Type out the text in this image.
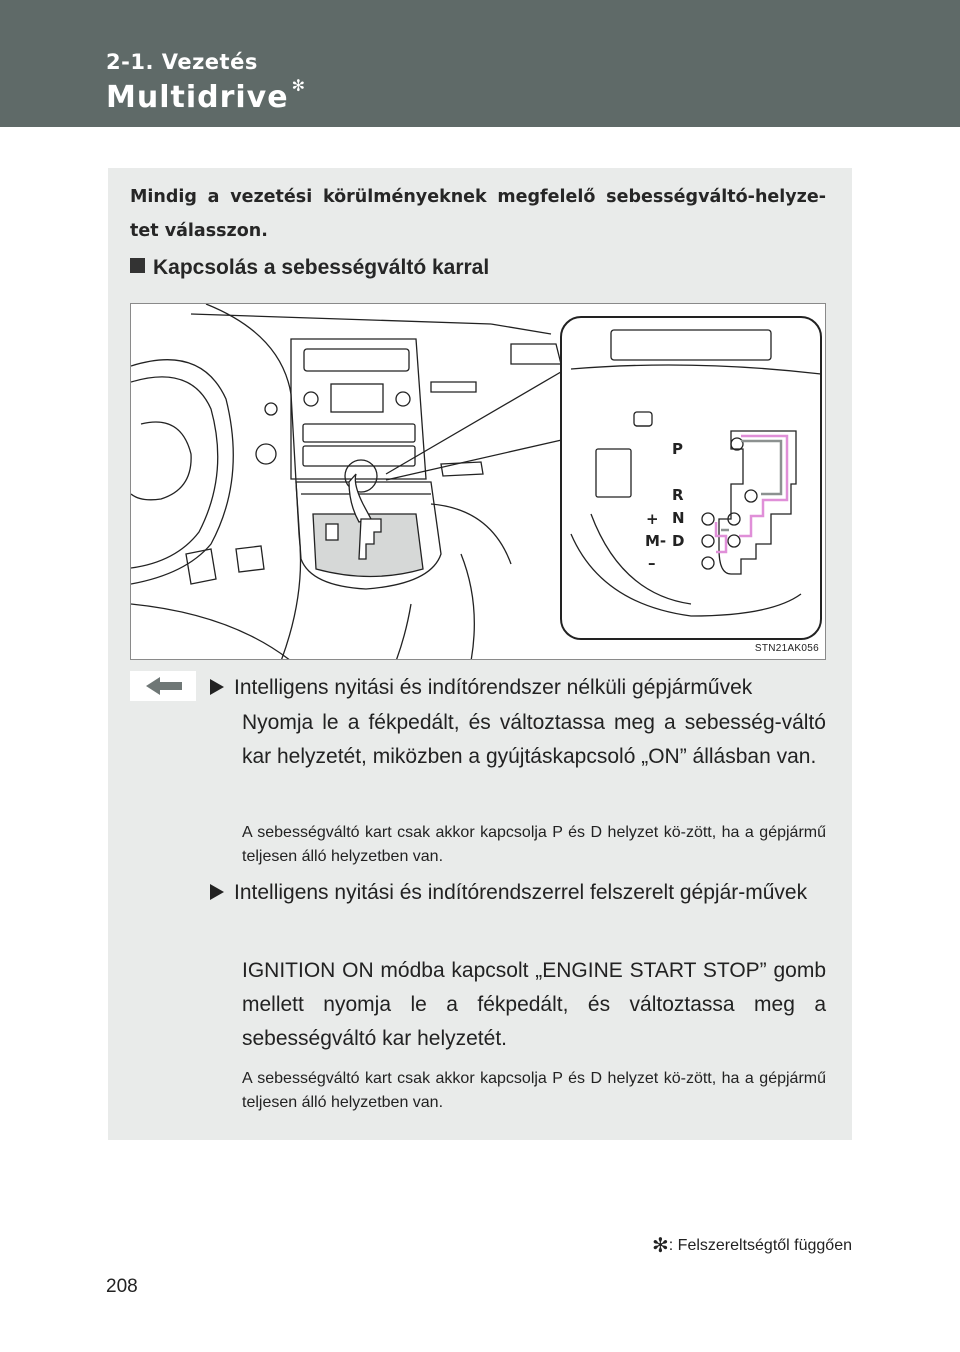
2-1. Vezetés
Multidrive ✻
Mindig a vezetési körülményeknek megfelelő sebességváltó-helyze-tet válasszon.
Kapcsolás a sebességváltó karral
P
R
N
D
+
M-
–
STN21AK056
Intelligens nyitási és indítórendszer nélküli gépjárművek
Nyomja le a fékpedált, és változtassa meg a sebesség-váltó kar helyzetét, miközben a gyújtáskapcsoló „ON” állásban van.
A sebességváltó kart csak akkor kapcsolja P és D helyzet kö-zött, ha a gépjármű teljesen álló helyzetben van.
Intelligens nyitási és indítórendszerrel felszerelt gépjár-művek
IGNITION ON módba kapcsolt „ENGINE START STOP” gomb mellett nyomja le a fékpedált, és változtassa meg a sebességváltó kar helyzetét.
A sebességváltó kart csak akkor kapcsolja P és D helyzet kö-zött, ha a gépjármű teljesen álló helyzetben van.
✻: Felszereltségtől függően
208
